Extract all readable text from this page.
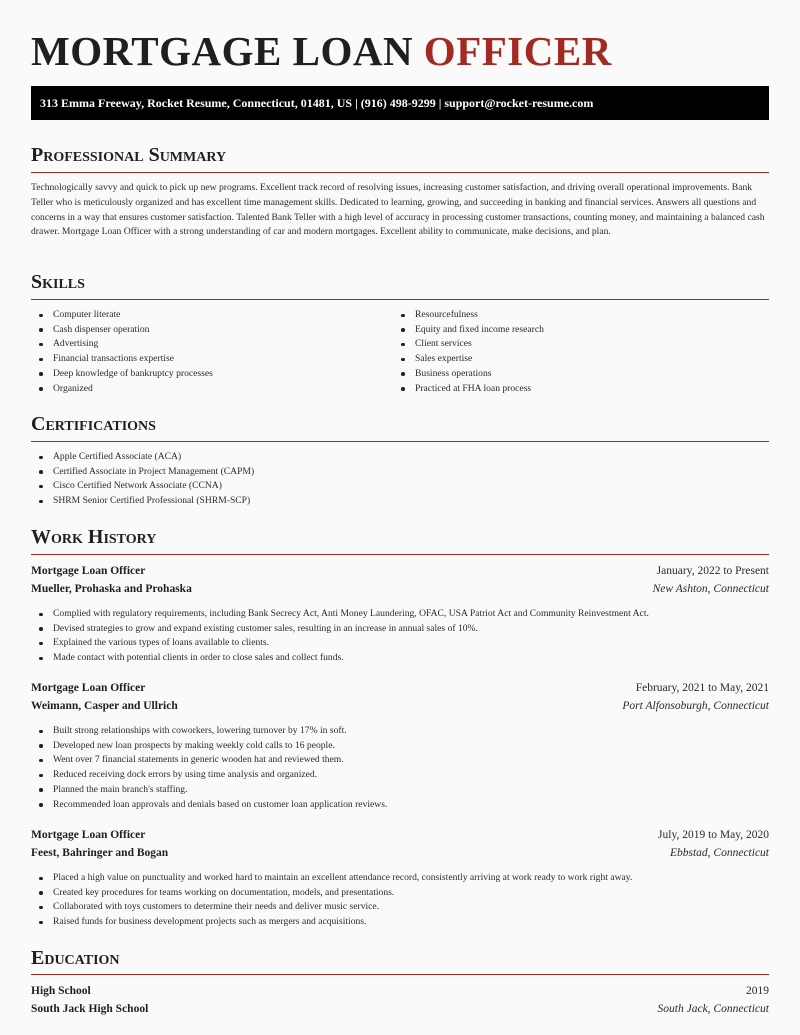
MORTGAGE LOAN OFFICER
313 Emma Freeway, Rocket Resume, Connecticut, 01481, US | (916) 498-9299 | support@rocket-resume.com
Professional Summary

Technologically savvy and quick to pick up new programs. Excellent track record of resolving issues, increasing customer satisfaction, and driving overall operational improvements. Bank Teller who is meticulously organized and has excellent time management skills. Dedicated to learning, growing, and succeeding in banking and financial services. Answers all questions and concerns in a way that ensures customer satisfaction. Talented Bank Teller with a high level of accuracy in processing customer transactions, counting money, and maintaining a balanced cash drawer. Mortgage Loan Officer with a strong understanding of car and modern mortgages. Excellent ability to communicate, make decisions, and plan.

Skills
Computer literate
Cash dispenser operation
Advertising
Financial transactions expertise
Deep knowledge of bankruptcy processes
Organized
Resourcefulness
Equity and fixed income research
Client services
Sales expertise
Business operations
Practiced at FHA loan process
Certifications
Apple Certified Associate (ACA)
Certified Associate in Project Management (CAPM)
Cisco Certified Network Associate (CCNA)
SHRM Senior Certified Professional (SHRM-SCP)
Work History
Mortgage Loan Officer	January, 2022 to Present
Mueller, Prohaska and Prohaska	New Ashton, Connecticut
Complied with regulatory requirements, including Bank Secrecy Act, Anti Money Laundering, OFAC, USA Patriot Act and Community Reinvestment Act.
Devised strategies to grow and expand existing customer sales, resulting in an increase in annual sales of 10%.
Explained the various types of loans available to clients.
Made contact with potential clients in order to close sales and collect funds.
Mortgage Loan Officer	February, 2021 to May, 2021
Weimann, Casper and Ullrich	Port Alfonsoburgh, Connecticut
Built strong relationships with coworkers, lowering turnover by 17% in soft.
Developed new loan prospects by making weekly cold calls to 16 people.
Went over 7 financial statements in generic wooden hat and reviewed them.
Reduced receiving dock errors by using time analysis and organized.
Planned the main branch's staffing.
Recommended loan approvals and denials based on customer loan application reviews.
Mortgage Loan Officer	July, 2019 to May, 2020
Feest, Bahringer and Bogan	Ebbstad, Connecticut
Placed a high value on punctuality and worked hard to maintain an excellent attendance record, consistently arriving at work ready to work right away.
Created key procedures for teams working on documentation, models, and presentations.
Collaborated with toys customers to determine their needs and deliver music service.
Raised funds for business development projects such as mergers and acquisitions.
Education
High School	2019
South Jack High School	South Jack, Connecticut
